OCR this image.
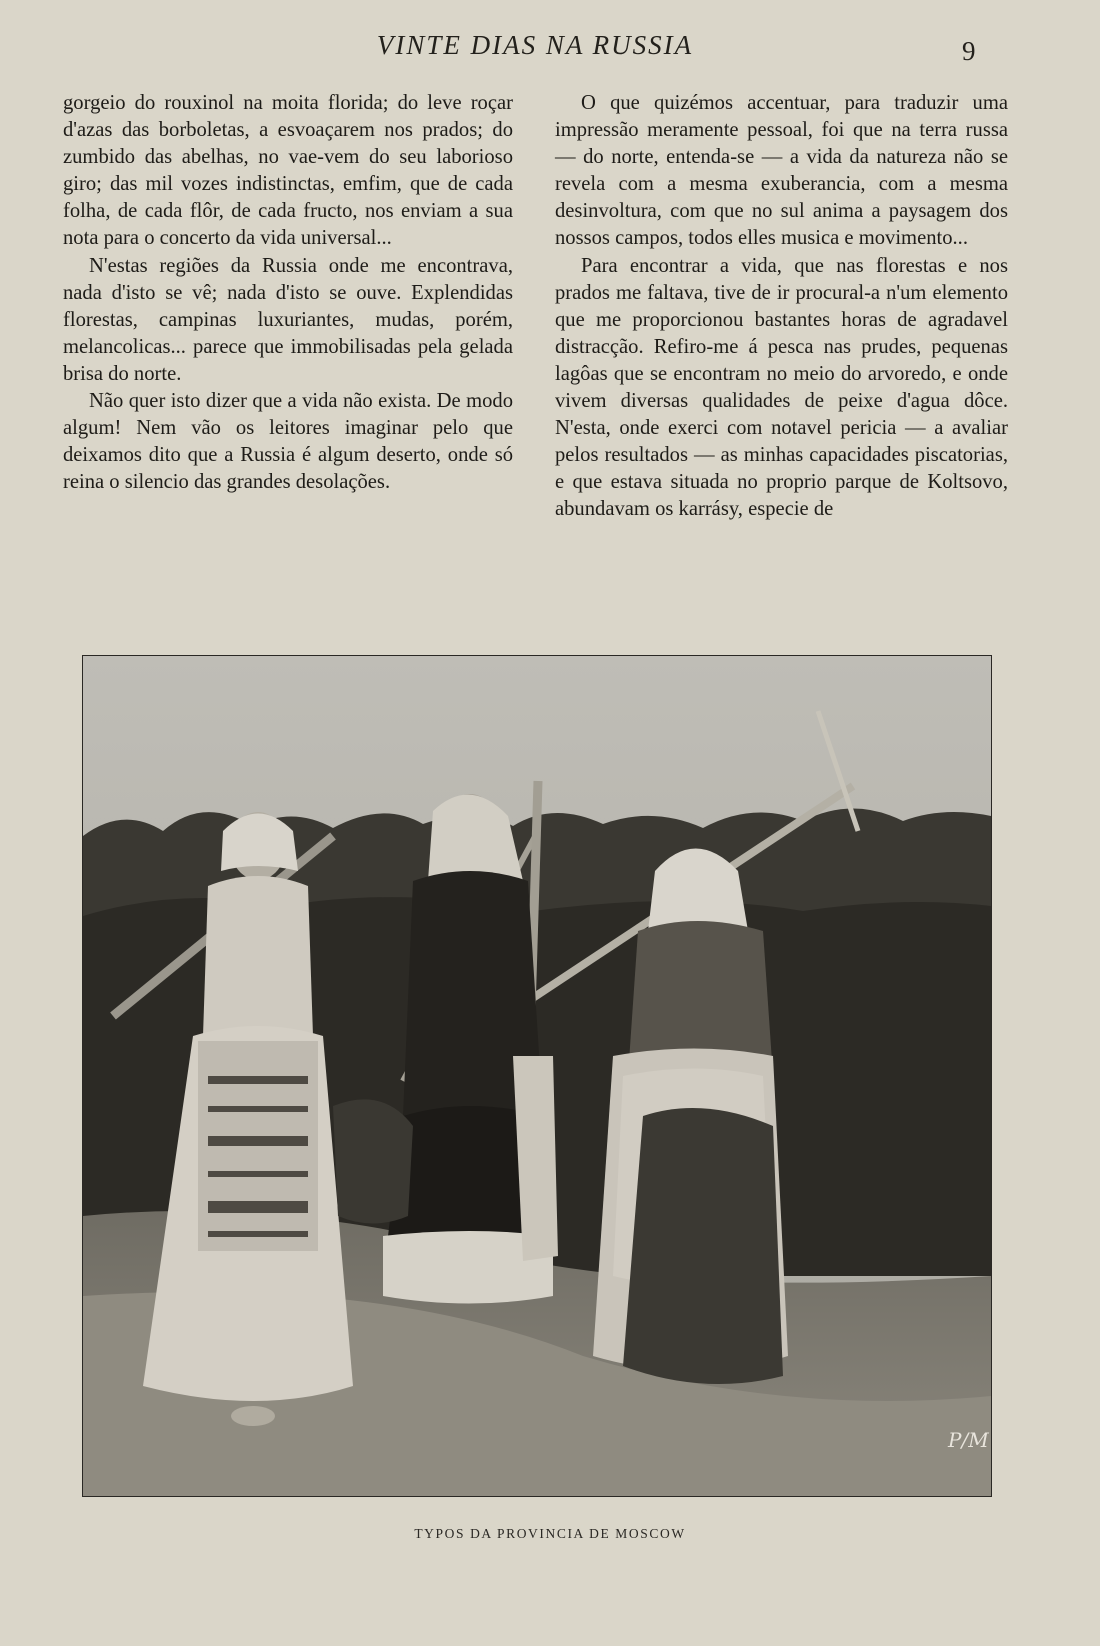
VINTE DIAS NA RUSSIA	9

gorgeio do rouxinol na moita florida; do leve roçar d'azas das borboletas, a esvoaçarem nos prados; do zumbido das abelhas, no vae-vem do seu laborioso giro; das mil vozes indistinctas, emfim, que de cada folha, de cada flôr, de cada fructo, nos enviam a sua nota para o concerto da vida universal...

N'estas regiões da Russia onde me encontrava, nada d'isto se vê; nada d'isto se ouve. Explendidas florestas, campinas luxuriantes, mudas, porém, melancolicas... parece que immobilisadas pela gelada brisa do norte.

Não quer isto dizer que a vida não exista. De modo algum! Nem vão os leitores imaginar pelo que deixamos dito que a Russia é algum deserto, onde só reina o silencio das grandes desolações.

O que quizémos accentuar, para traduzir uma impressão meramente pessoal, foi que na terra russa — do norte, entenda-se — a vida da natureza não se revela com a mesma exuberancia, com a mesma desinvoltura, com que no sul anima a paysagem dos nossos campos, todos elles musica e movimento...

Para encontrar a vida, que nas florestas e nos prados me faltava, tive de ir procural-a n'um elemento que me proporcionou bastantes horas de agradavel distracção. Refiro-me á pesca nas prudes, pequenas lagôas que se encontram no meio do arvoredo, e onde vivem diversas qualidades de peixe d'agua dôce. N'esta, onde exerci com notavel pericia — a avaliar pelos resultados — as minhas capacidades piscatorias, e que estava situada no proprio parque de Koltsovo, abundavam os karrásy, especie de

P/M
TYPOS DA PROVINCIA DE MOSCOW
